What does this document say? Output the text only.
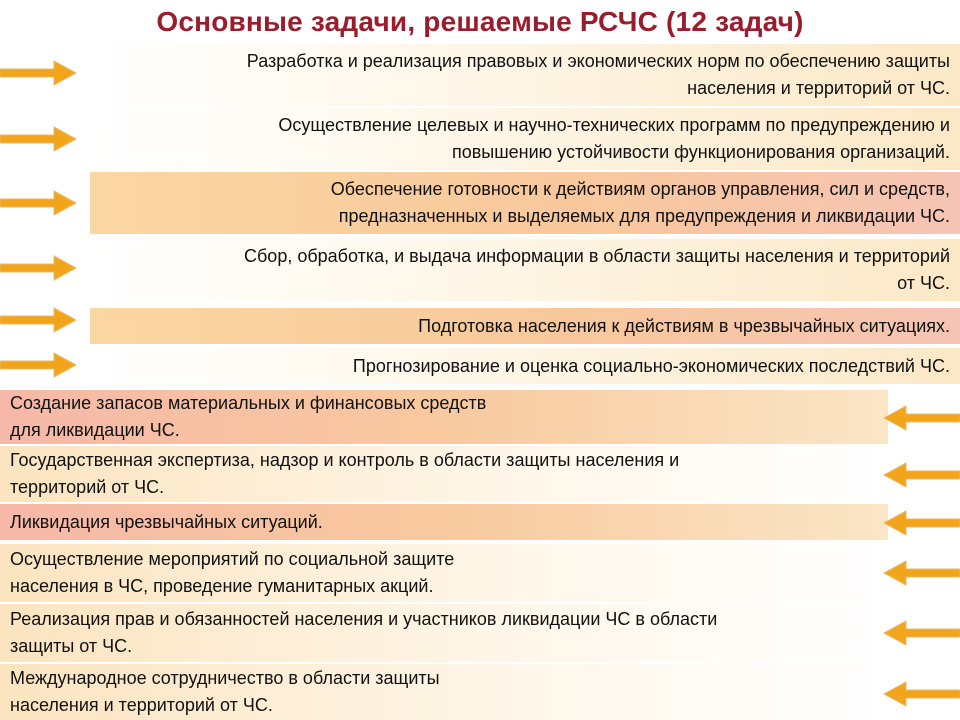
Основные задачи, решаемые РСЧС (12 задач)
Разработка и реализация правовых и экономических норм по обеспечению защиты
населения и территорий от ЧС.
Осуществление целевых и научно-технических программ по предупреждению и
повышению устойчивости функционирования организаций.
Обеспечение готовности к действиям органов управления, сил и средств,
предназначенных и выделяемых для предупреждения и ликвидации ЧС.
Сбор, обработка, и выдача информации в области защиты населения и территорий
от ЧС.
Подготовка населения к действиям в чрезвычайных ситуациях.
Прогнозирование и оценка социально-экономических последствий ЧС.
Создание запасов материальных и финансовых средств
для ликвидации ЧС.
Государственная экспертиза, надзор и контроль в области защиты населения и
территорий от ЧС.
Ликвидация чрезвычайных ситуаций.
Осуществление мероприятий по социальной защите
населения в ЧС, проведение гуманитарных акций.
Реализация прав и обязанностей населения и участников ликвидации ЧС в области
защиты от ЧС.
Международное сотрудничество в области защиты
населения и территорий от ЧС.
